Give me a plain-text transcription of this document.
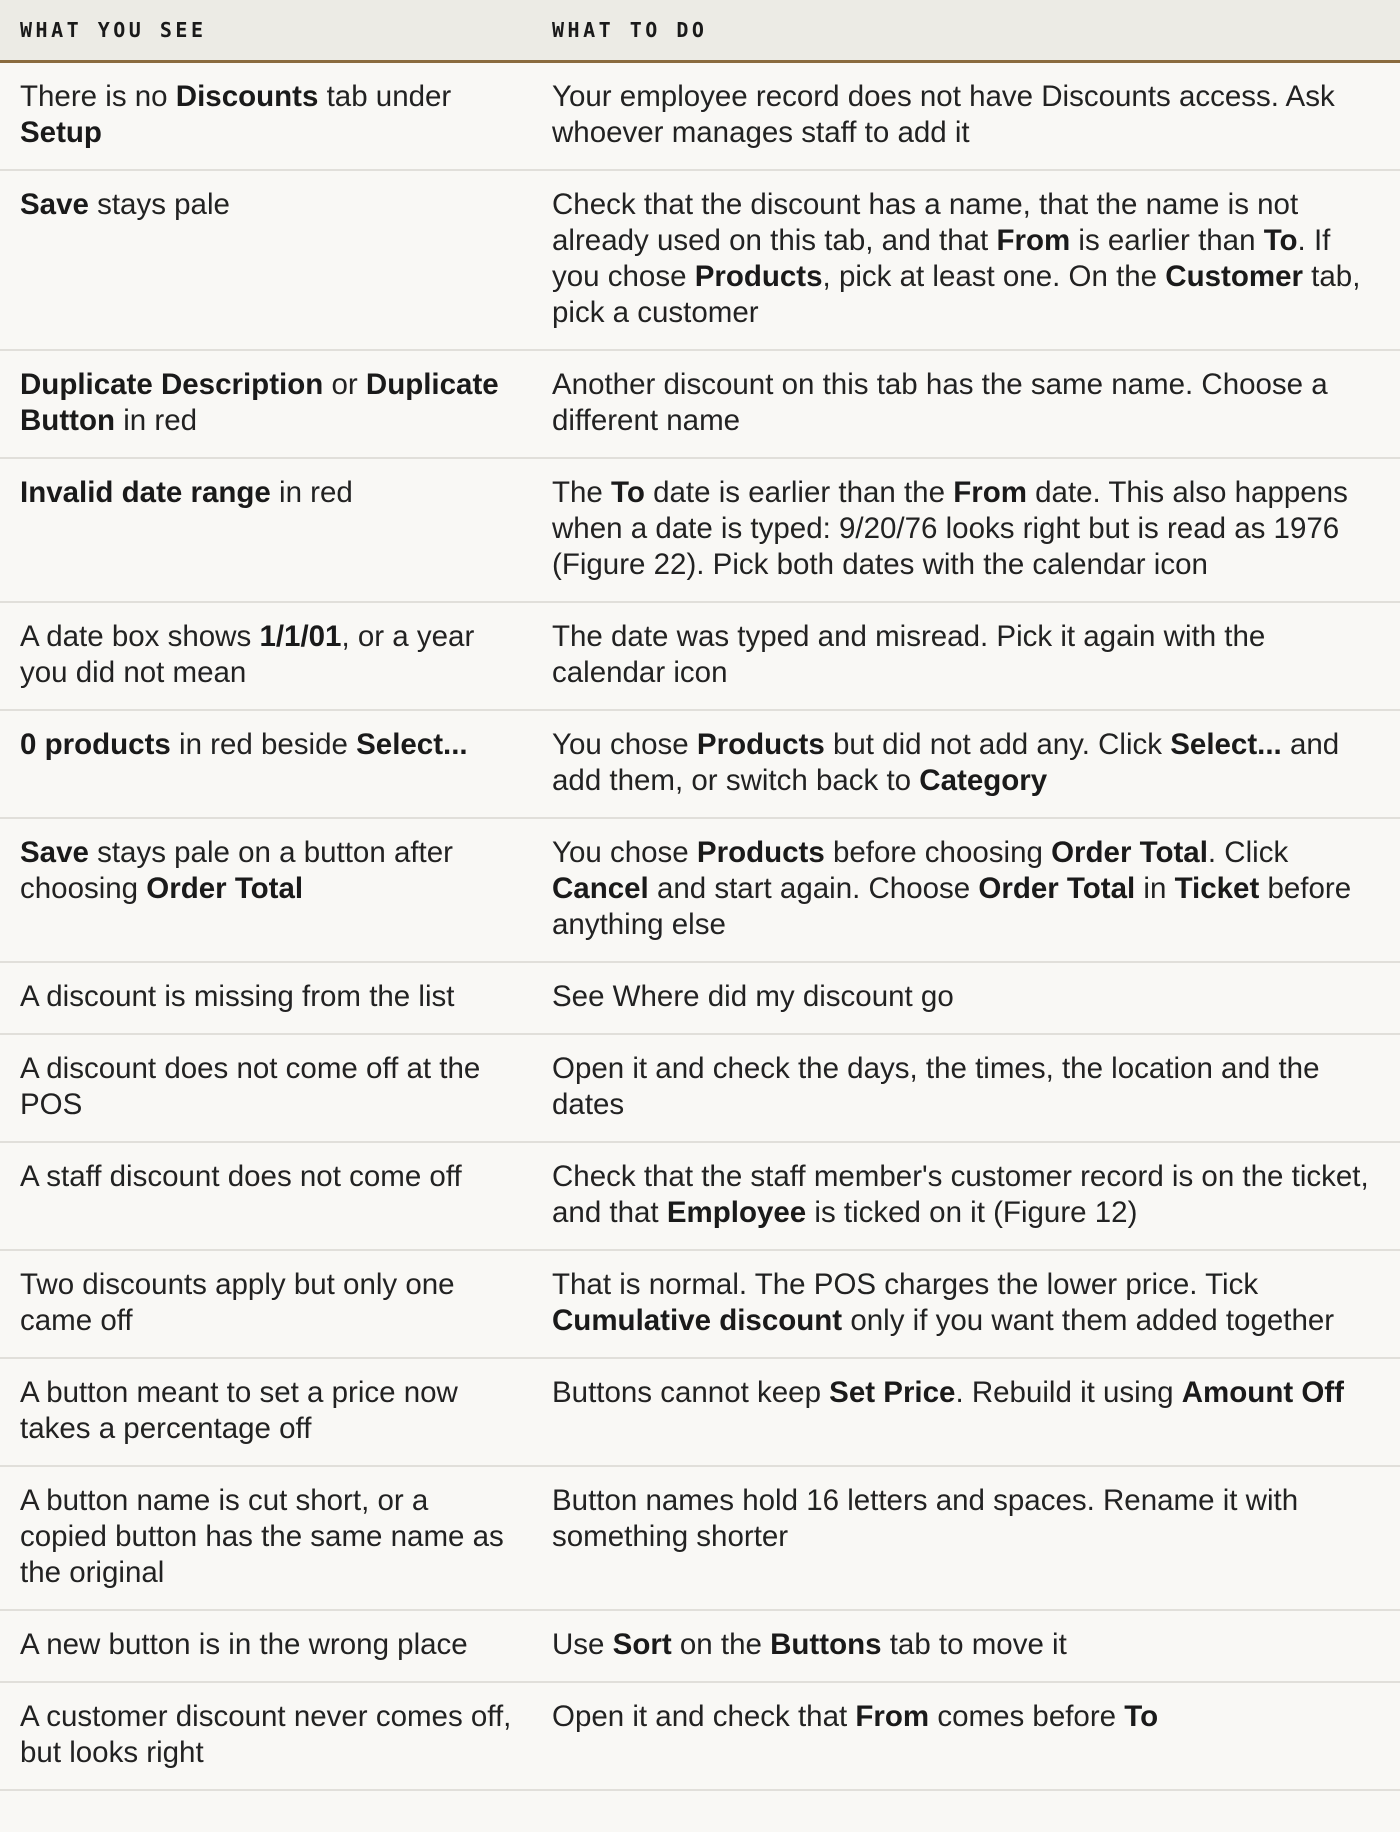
WHAT YOU SEE	WHAT TO DO
There is no Discounts tab under Setup	Your employee record does not have Discounts access. Ask whoever manages staff to add it
Save stays pale	Check that the discount has a name, that the name is not already used on this tab, and that From is earlier than To. If you chose Products, pick at least one. On the Customer tab, pick a customer
Duplicate Description or Duplicate Button in red	Another discount on this tab has the same name. Choose a different name
Invalid date range in red	The To date is earlier than the From date. This also happens when a date is typed: 9/20/76 looks right but is read as 1976 (Figure 22). Pick both dates with the calendar icon
A date box shows 1/1/01, or a year you did not mean	The date was typed and misread. Pick it again with the calendar icon
0 products in red beside Select...	You chose Products but did not add any. Click Select... and add them, or switch back to Category
Save stays pale on a button after choosing Order Total	You chose Products before choosing Order Total. Click Cancel and start again. Choose Order Total in Ticket before anything else
A discount is missing from the list	See Where did my discount go
A discount does not come off at the POS	Open it and check the days, the times, the location and the dates
A staff discount does not come off	Check that the staff member's customer record is on the ticket, and that Employee is ticked on it (Figure 12)
Two discounts apply but only one came off	That is normal. The POS charges the lower price. Tick Cumulative discount only if you want them added together
A button meant to set a price now takes a percentage off	Buttons cannot keep Set Price. Rebuild it using Amount Off
A button name is cut short, or a copied button has the same name as the original	Button names hold 16 letters and spaces. Rename it with something shorter
A new button is in the wrong place	Use Sort on the Buttons tab to move it
A customer discount never comes off, but looks right	Open it and check that From comes before To
